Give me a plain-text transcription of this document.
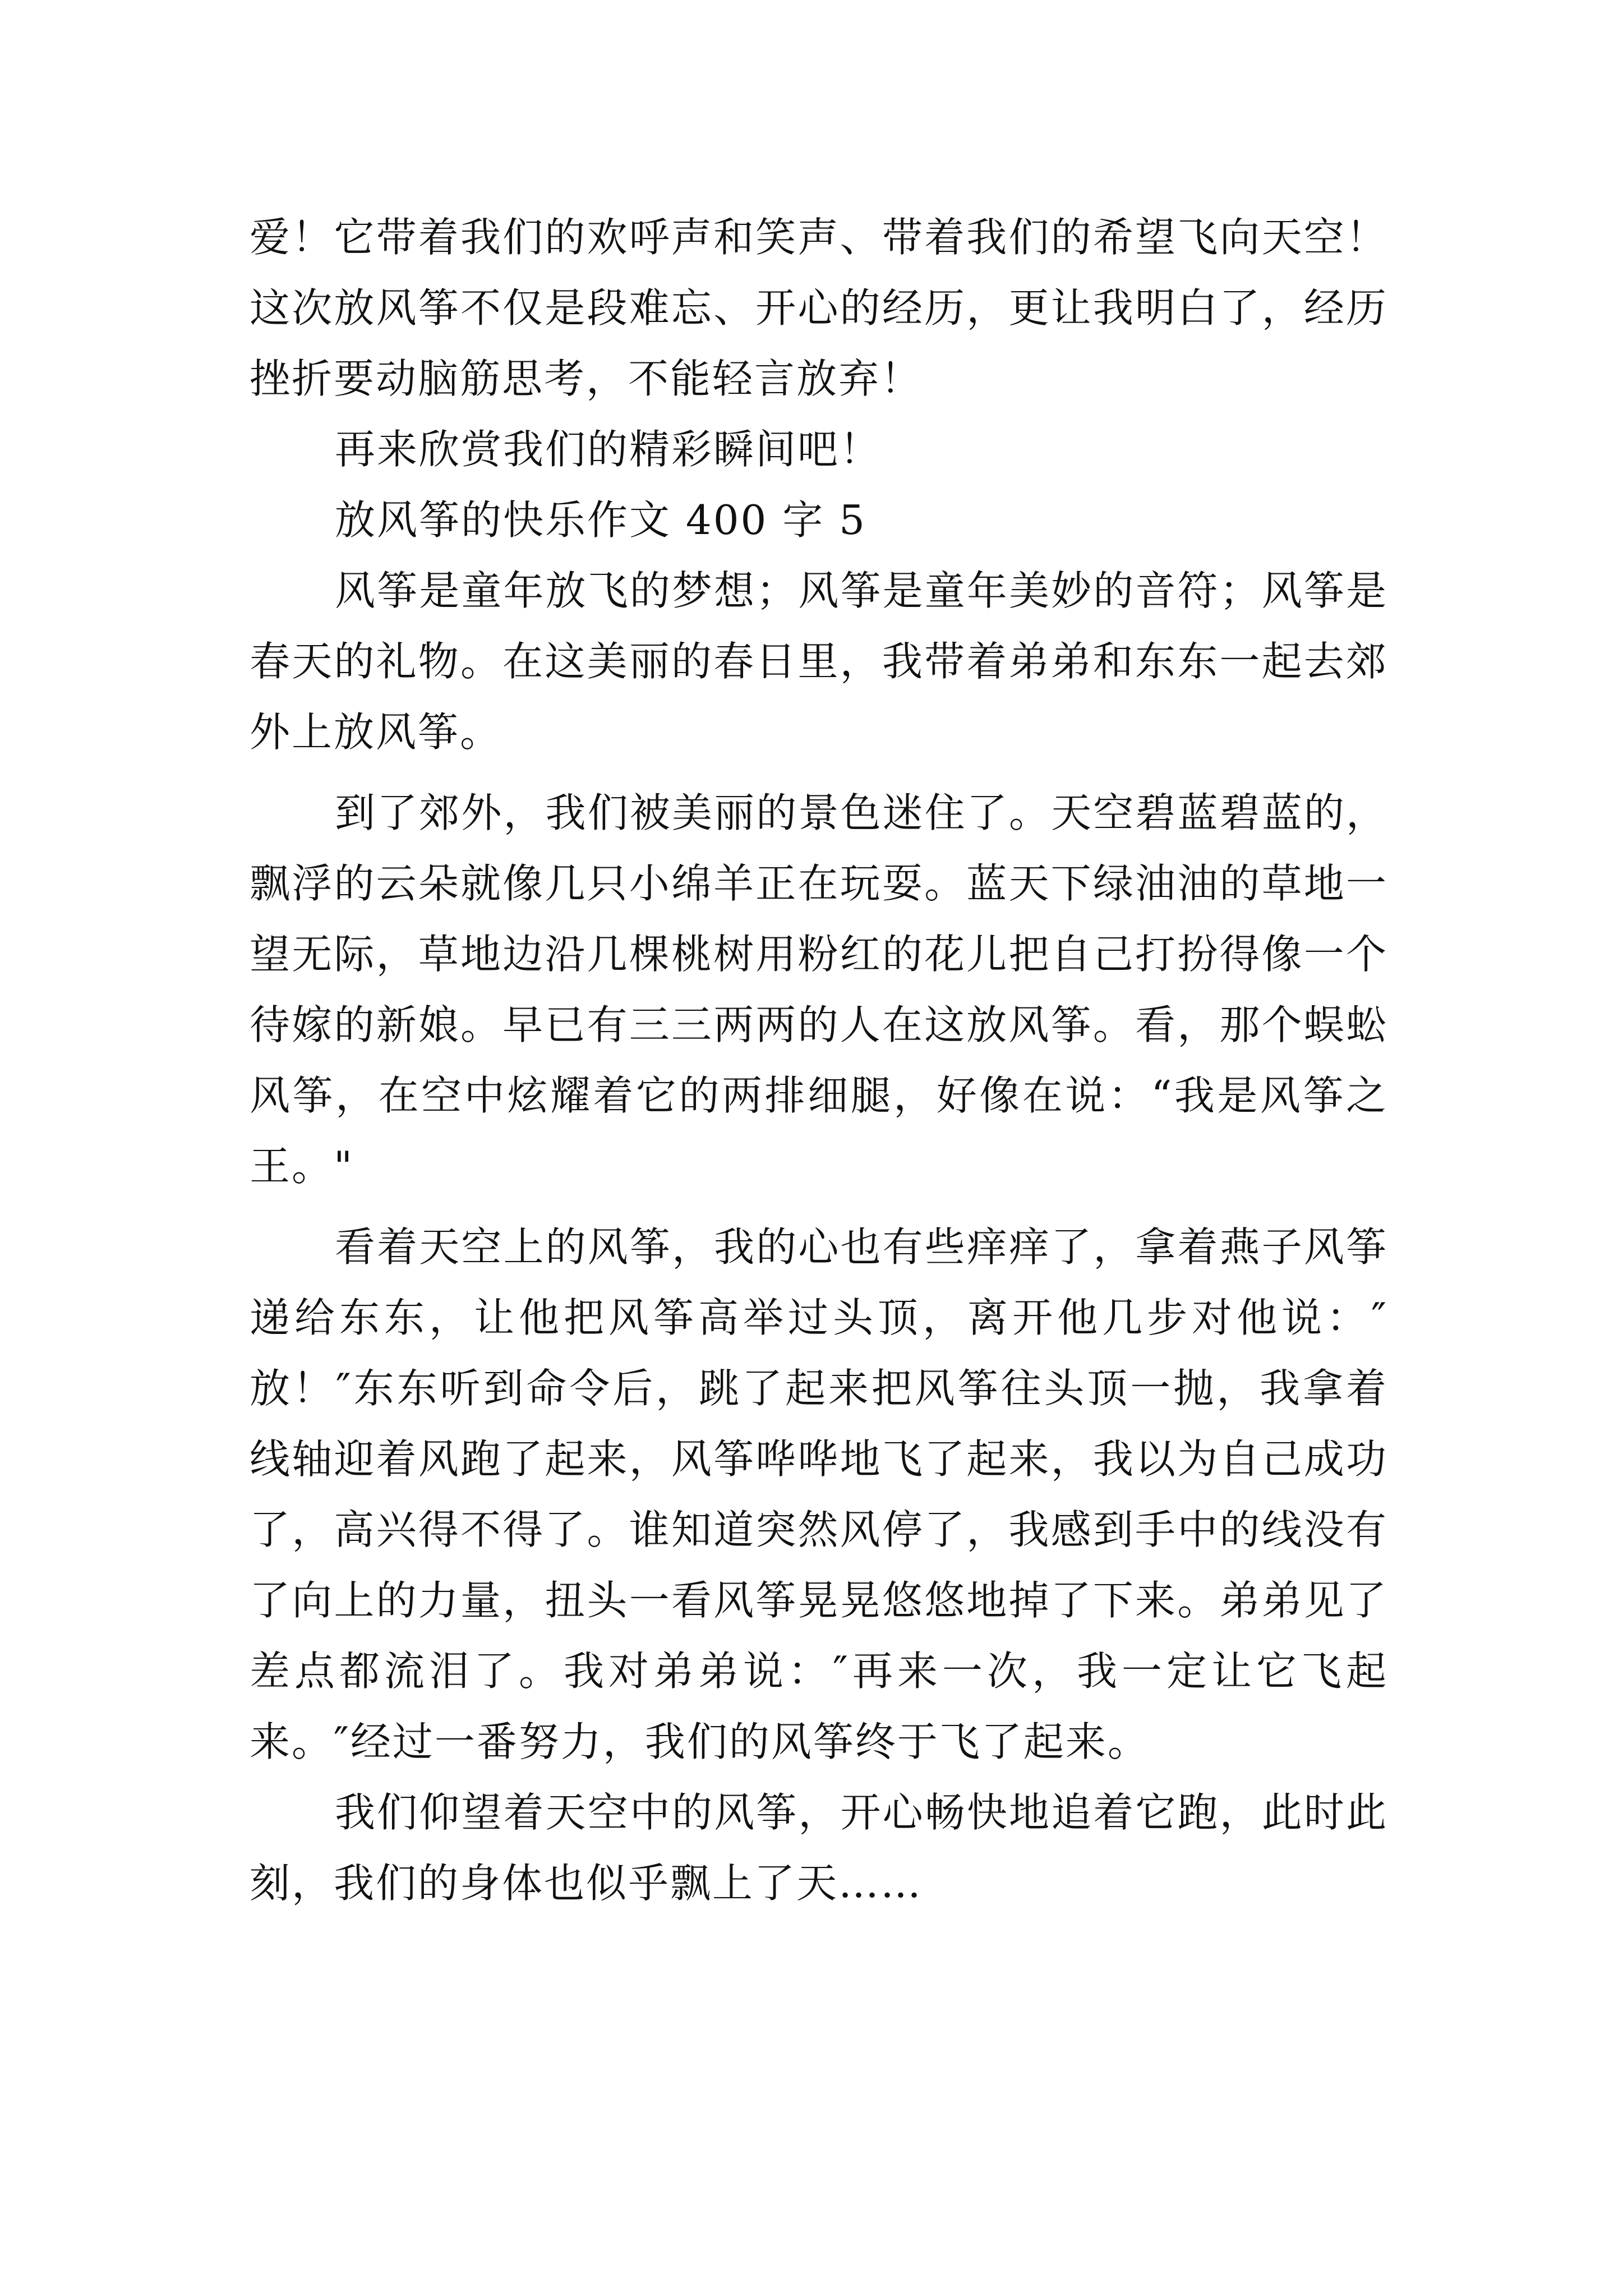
爱！它带着我们的欢呼声和笑声、带着我们的希望飞向天空！这次放风筝不仅是段难忘、开心的经历，更让我明白了，经历挫折要动脑筋思考，不能轻言放弃！

再来欣赏我们的精彩瞬间吧！

放风筝的快乐作文 400 字 5

风筝是童年放飞的梦想；风筝是童年美妙的音符；风筝是春天的礼物。在这美丽的春日里，我带着弟弟和东东一起去郊外上放风筝。

到了郊外，我们被美丽的景色迷住了。天空碧蓝碧蓝的，飘浮的云朵就像几只小绵羊正在玩耍。蓝天下绿油油的草地一望无际，草地边沿几棵桃树用粉红的花儿把自己打扮得像一个待嫁的新娘。早已有三三两两的人在这放风筝。看，那个蜈蚣风筝，在空中炫耀着它的两排细腿，好像在说：“我是风筝之王。"

看着天空上的风筝，我的心也有些痒痒了，拿着燕子风筝递给东东，让他把风筝高举过头顶，离开他几步对他说：″放！″东东听到命令后，跳了起来把风筝往头顶一抛，我拿着线轴迎着风跑了起来，风筝哗哗地飞了起来，我以为自己成功了，高兴得不得了。谁知道突然风停了，我感到手中的线没有了向上的力量，扭头一看风筝晃晃悠悠地掉了下来。弟弟见了差点都流泪了。我对弟弟说：″再来一次，我一定让它飞起来。″经过一番努力，我们的风筝终于飞了起来。

我们仰望着天空中的风筝，开心畅快地追着它跑，此时此刻，我们的身体也似乎飘上了天……
